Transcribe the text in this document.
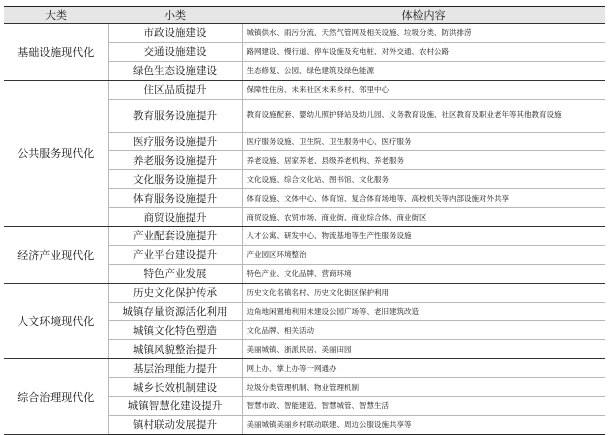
大类	小类	体检内容
基础设施现代化	市政设施建设	城镇供水、雨污分流、天然气管网及相关设施、垃圾分类、防洪排涝
	交通设施建设	路网建设、慢行道、停车设施及充电桩、对外交通、农村公路
	绿色生态设施建设	生态修复、公园、绿色建筑及绿色能源
公共服务现代化	住区品质提升	保障性住房、未来社区未来乡村、邻里中心
	教育服务设施提升	教育设施配套、婴幼儿照护驿站及幼儿园、义务教育设施、社区教育及职业老年等其他教育设施
	医疗服务设施提升	医疗服务设施、卫生院、卫生服务中心、医疗服务
	养老服务设施提升	养老设施、居家养老、县级养老机构、养老服务
	文化服务设施提升	文化设施、综合文化站、图书馆、文化服务
	体育服务设施提升	体育设施、文体中心、体育馆、复合体育场地等、高校机关等内部设施对外共享
	商贸设施提升	商贸设施、农贸市场、商业街、商业综合体、商业街区
经济产业现代化	产业配套设施提升	人才公寓、研发中心、物流基地等生产性服务设施
	产业平台建设提升	产业园区环境整治
	特色产业发展	特色产业、文化品牌、营商环境
人文环境现代化	历史文化保护传承	历史文化名镇名村、历史文化街区保护利用
	城镇存量资源活化利用	边角地闲置地利用未建设公园广场等、老旧建筑改造
	城镇文化特色塑造	文化品牌、相关活动
	城镇风貌整治提升	美丽城镇、浙派民居、美丽田园
综合治理现代化	基层治理能力提升	网上办、掌上办等一网通办
	城乡长效机制建设	垃圾分类管理机制、物业管理机制
	城镇智慧化建设提升	智慧市政、智能建造、智慧城管、智慧生活
	镇村联动发展提升	美丽城镇美丽乡村联动联建、周边公服设施共享等
